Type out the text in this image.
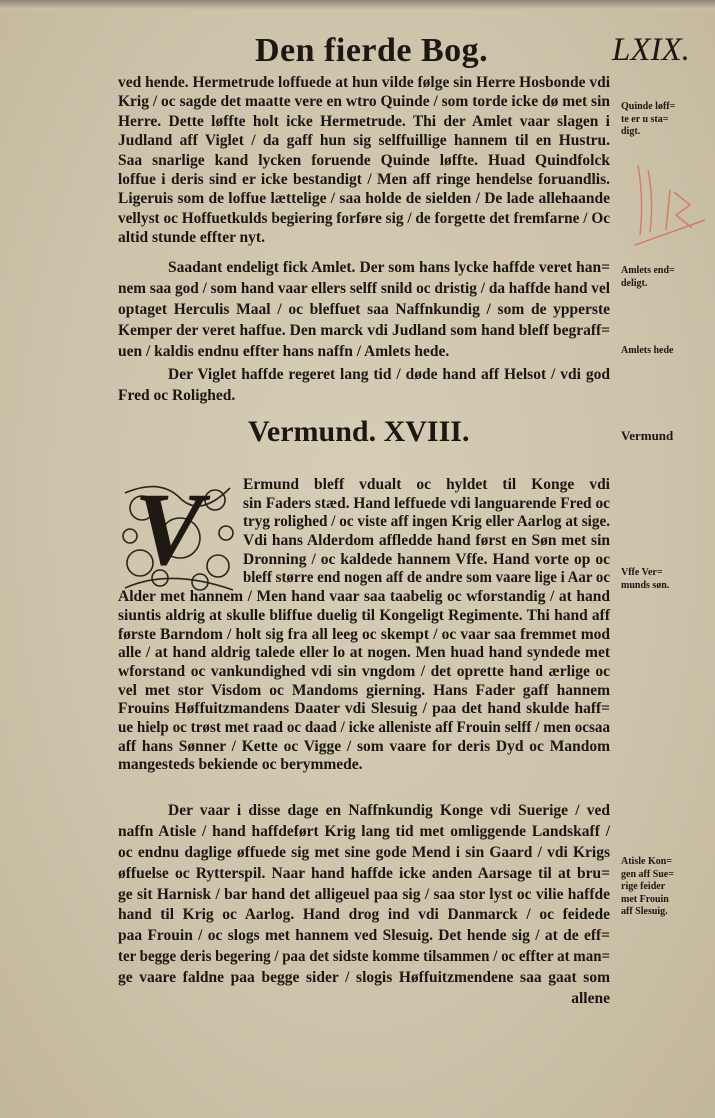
Den fierde Bog.	LXIX.
ved hende. Hermetrude loffuede at hun vilde følge sin Herre Hosbonde vdi
Krig / oc sagde det maatte vere en wtro Quinde / som torde icke dø met sin
Herre. Dette løffte holt icke Hermetrude. Thi der Amlet vaar slagen i
Judland aff Viglet / da gaff hun sig selffuillige hannem til en Hustru.
Saa snarlige kand lycken foruende Quinde løffte. Huad Quindfolck
loffue i deris sind er icke bestandigt / Men aff ringe hendelse foruandlis.
Ligeruis som de loffue lættelige / saa holde de sielden / De lade allehaande
vellyst oc Hoffuetkulds begiering forføre sig / de forgette det fremfarne / Oc
altid stunde effter nyt.
Saadant endeligt fick Amlet. Der som hans lycke haffde veret han=
nem saa god / som hand vaar ellers selff snild oc dristig / da haffde hand vel
optaget Herculis Maal / oc bleffuet saa Naffnkundig / som de ypperste
Kemper der veret haffue. Den marck vdi Judland som hand bleff begraff=
uen / kaldis endnu effter hans naffn / Amlets hede.
Der Viglet haffde regeret lang tid / døde hand aff Helsot / vdi god
Fred oc Rolighed.
Vermund. XVIII.
V	Ermund bleff vdualt oc hyldet til Konge vdi
sin Faders stæd. Hand leffuede vdi languarende Fred oc
tryg rolighed / oc viste aff ingen Krig eller Aarlog at sige.
Vdi hans Alderdom affledde hand først en Søn met sin
Dronning / oc kaldede hannem Vffe. Hand vorte op oc
bleff større end nogen aff de andre som vaare lige i Aar oc
Alder met hannem / Men hand vaar saa taabelig oc wforstandig / at hand
siuntis aldrig at skulle bliffue duelig til Kongeligt Regimente. Thi hand aff
første Barndom / holt sig fra all leeg oc skempt / oc vaar saa fremmet mod
alle / at hand aldrig talede eller lo at nogen. Men huad hand syndede met
wforstand oc vankundighed vdi sin vngdom / det oprette hand ærlige oc
vel met stor Visdom oc Mandoms gierning. Hans Fader gaff hannem
Frouins Høffuitzmandens Daater vdi Slesuig / paa det hand skulde haff=
ue hielp oc trøst met raad oc daad / icke alleniste aff Frouin selff / men ocsaa
aff hans Sønner / Kette oc Vigge / som vaare for deris Dyd oc Mandom
mangesteds bekiende oc berymmede.
Der vaar i disse dage en Naffnkundig Konge vdi Suerige / ved
naffn Atisle / hand haffdeført Krig lang tid met omliggende Landskaff /
oc endnu daglige øffuede sig met sine gode Mend i sin Gaard / vdi Krigs
øffuelse oc Rytterspil. Naar hand haffde icke anden Aarsage til at bru=
ge sit Harnisk / bar hand det alligeuel paa sig / saa stor lyst oc vilie haffde
hand til Krig oc Aarlog. Hand drog ind vdi Danmarck / oc feidede
paa Frouin / oc slogs met hannem ved Slesuig. Det hende sig / at de eff=
ter begge deris begering / paa det sidste komme tilsammen / oc effter at man=
ge vaare faldne paa begge sider / slogis Høffuitzmendene saa gaat som
allene
Quinde løff=
te er u sta=
digt.
Amlets end=
deligt.
Amlets hede
Vermund
Vffe Ver=
munds søn.
Atisle Kon=
gen aff Sue=
rige feider
met Frouin
aff Slesuig.
